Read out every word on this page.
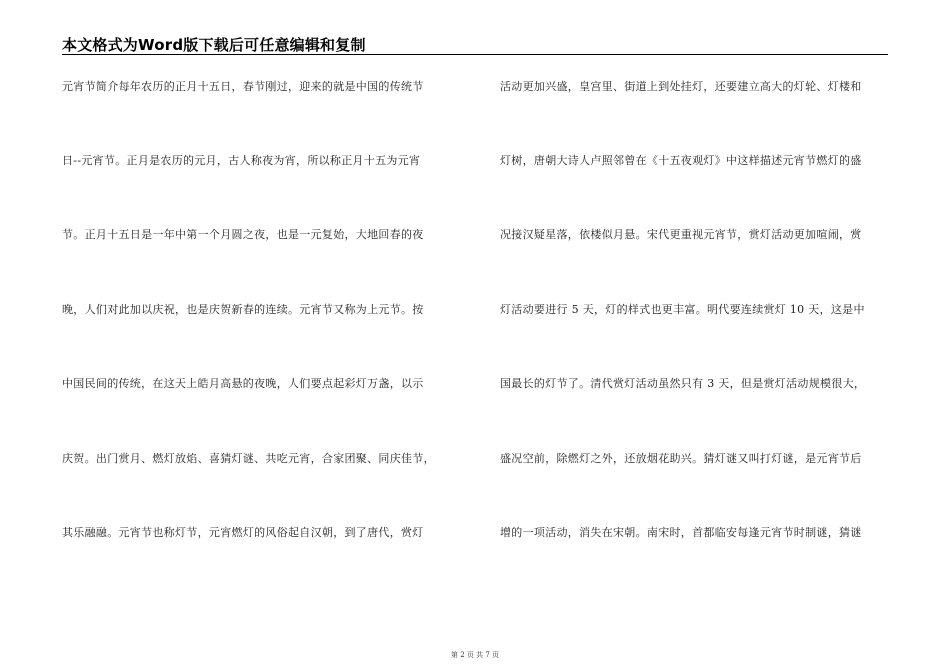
本文格式为Word版下载后可任意编辑和复制
元宵节简介每年农历的正月十五日，春节刚过，迎来的就是中国的传统节
日--元宵节。正月是农历的元月，古人称夜为宵，所以称正月十五为元宵
节。正月十五日是一年中第一个月圆之夜，也是一元复始，大地回春的夜
晚，人们对此加以庆祝，也是庆贺新春的连续。元宵节又称为上元节。按
中国民间的传统，在这天上皓月高悬的夜晚，人们要点起彩灯万盏，以示
庆贺。出门赏月、燃灯放焰、喜猜灯谜、共吃元宵，合家团聚、同庆佳节，
其乐融融。元宵节也称灯节，元宵燃灯的风俗起自汉朝，到了唐代，赏灯
活动更加兴盛，皇宫里、街道上到处挂灯，还要建立高大的灯轮、灯楼和
灯树，唐朝大诗人卢照邻曾在《十五夜观灯》中这样描述元宵节燃灯的盛
况接汉疑星落，依楼似月悬。宋代更重视元宵节，赏灯活动更加喧闹，赏
灯活动要进行 5 天，灯的样式也更丰富。明代要连续赏灯 10 天，这是中
国最长的灯节了。清代赏灯活动虽然只有 3 天，但是赏灯活动规模很大，
盛况空前，除燃灯之外，还放烟花助兴。猜灯谜又叫打灯谜，是元宵节后
增的一项活动，消失在宋朝。南宋时，首都临安每逢元宵节时制谜，猜谜
第 2 页 共 7 页
